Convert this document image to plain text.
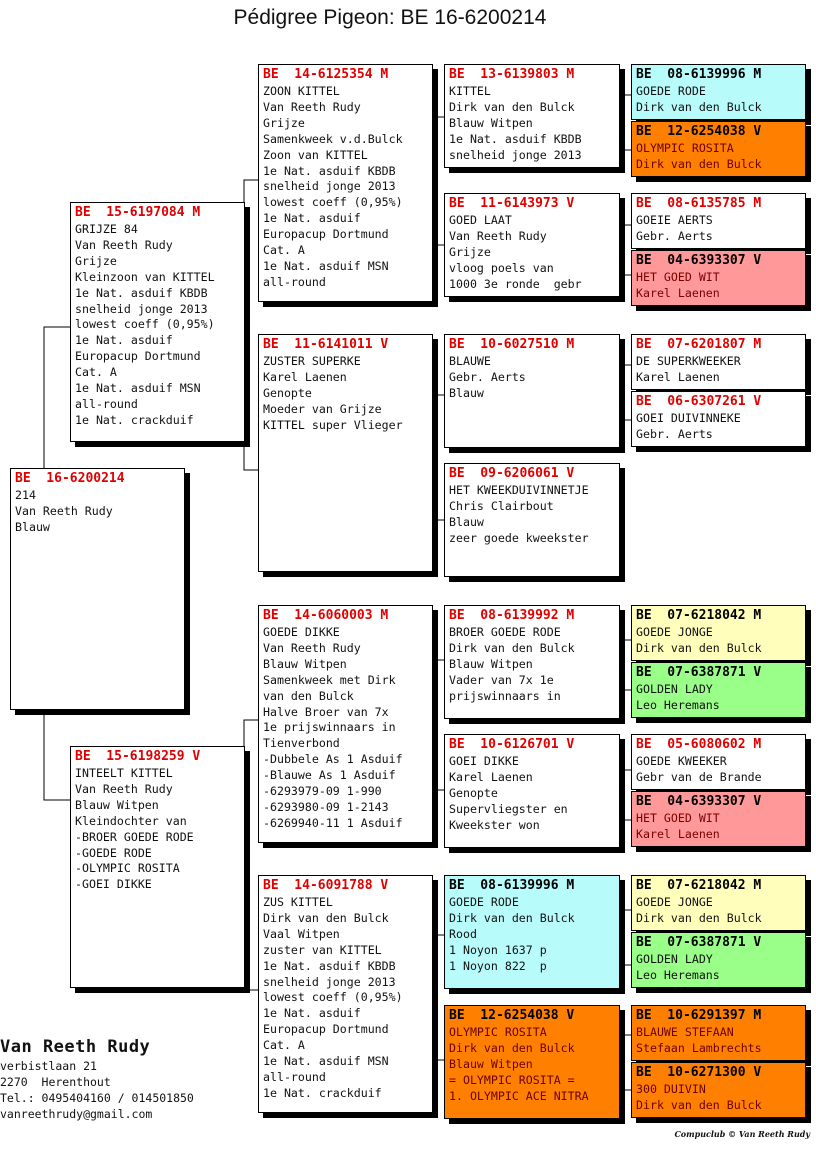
Pédigree Pigeon: BE 16-6200214
BE  16-6200214
214
Van Reeth Rudy
Blauw
BE  15-6197084 M
GRIJZE 84
Van Reeth Rudy
Grijze
Kleinzoon van KITTEL
1e Nat. asduif KBDB
snelheid jonge 2013
lowest coeff (0,95%)
1e Nat. asduif
Europacup Dortmund
Cat. A
1e Nat. asduif MSN
all-round
1e Nat. crackduif
BE  15-6198259 V
INTEELT KITTEL
Van Reeth Rudy
Blauw Witpen
Kleindochter van
-BROER GOEDE RODE
-GOEDE RODE
-OLYMPIC ROSITA
-GOEI DIKKE
BE  14-6125354 M
ZOON KITTEL
Van Reeth Rudy
Grijze
Samenkweek v.d.Bulck
Zoon van KITTEL
1e Nat. asduif KBDB
snelheid jonge 2013
lowest coeff (0,95%)
1e Nat. asduif
Europacup Dortmund
Cat. A
1e Nat. asduif MSN
all-round
BE  11-6141011 V
ZUSTER SUPERKE
Karel Laenen
Genopte
Moeder van Grijze
KITTEL super Vlieger
BE  14-6060003 M
GOEDE DIKKE
Van Reeth Rudy
Blauw Witpen
Samenkweek met Dirk
van den Bulck
Halve Broer van 7x
1e prijswinnaars in
Tienverbond
-Dubbele As 1 Asduif
-Blauwe As 1 Asduif
-6293979-09 1-990
-6293980-09 1-2143
-6269940-11 1 Asduif
BE  14-6091788 V
ZUS KITTEL
Dirk van den Bulck
Vaal Witpen
zuster van KITTEL
1e Nat. asduif KBDB
snelheid jonge 2013
lowest coeff (0,95%)
1e Nat. asduif
Europacup Dortmund
Cat. A
1e Nat. asduif MSN
all-round
1e Nat. crackduif
BE  13-6139803 M
KITTEL
Dirk van den Bulck
Blauw Witpen
1e Nat. asduif KBDB
snelheid jonge 2013
BE  11-6143973 V
GOED LAAT
Van Reeth Rudy
Grijze
vloog poels van
1000 3e ronde  gebr
BE  10-6027510 M
BLAUWE
Gebr. Aerts
Blauw
BE  09-6206061 V
HET KWEEKDUIVINNETJE
Chris Clairbout
Blauw
zeer goede kweekster
BE  08-6139992 M
BROER GOEDE RODE
Dirk van den Bulck
Blauw Witpen
Vader van 7x 1e
prijswinnaars in
BE  10-6126701 V
GOEI DIKKE
Karel Laenen
Genopte
Supervliegster en
Kweekster won
BE  08-6139996 M
GOEDE RODE
Dirk van den Bulck
Rood
1 Noyon 1637 p
1 Noyon 822  p
BE  12-6254038 V
OLYMPIC ROSITA
Dirk van den Bulck
Blauw Witpen
= OLYMPIC ROSITA =
1. OLYMPIC ACE NITRA
BE  08-6139996 M
GOEDE RODE
Dirk van den Bulck
BE  12-6254038 V
OLYMPIC ROSITA
Dirk van den Bulck
BE  08-6135785 M
GOEIE AERTS
Gebr. Aerts
BE  04-6393307 V
HET GOED WIT
Karel Laenen
BE  07-6201807 M
DE SUPERKWEEKER
Karel Laenen
BE  06-6307261 V
GOEI DUIVINNEKE
Gebr. Aerts
BE  07-6218042 M
GOEDE JONGE
Dirk van den Bulck
BE  07-6387871 V
GOLDEN LADY
Leo Heremans
BE  05-6080602 M
GOEDE KWEEKER
Gebr van de Brande
BE  04-6393307 V
HET GOED WIT
Karel Laenen
BE  07-6218042 M
GOEDE JONGE
Dirk van den Bulck
BE  07-6387871 V
GOLDEN LADY
Leo Heremans
BE  10-6291397 M
BLAUWE STEFAAN
Stefaan Lambrechts
BE  10-6271300 V
300 DUIVIN
Dirk van den Bulck
Van Reeth Rudy
verbistlaan 21
2270  Herenthout
Tel.: 0495404160 / 014501850
vanreethrudy@gmail.com
Compuclub © Van Reeth Rudy
